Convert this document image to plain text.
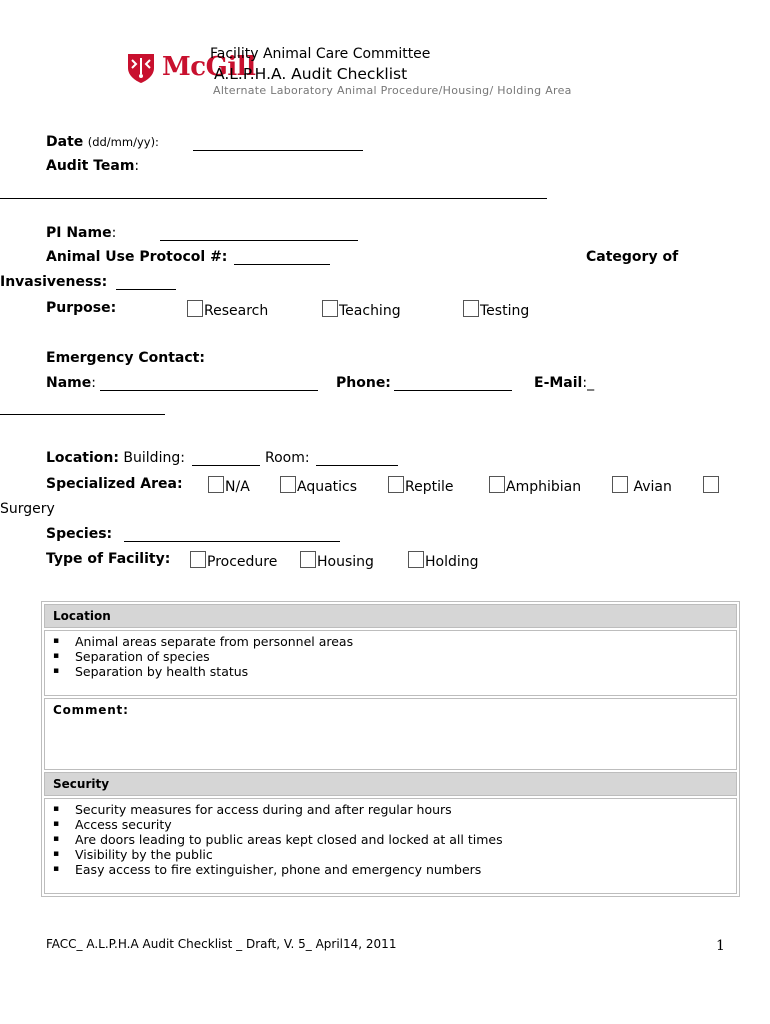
McGill
Facility Animal Care Committee
A.L.P.H.A. Audit Checklist
Alternate Laboratory Animal Procedure/Housing/ Holding Area
Date (dd/mm/yy):
Audit Team:
PI Name:
Animal Use Protocol #:	Category of
Invasiveness:
Purpose:	Research	Teaching	Testing
Emergency Contact:
Name:	Phone:	E-Mail:_
Location: Building:	Room:
Specialized Area:	N/A	Aquatics	Reptile	Amphibian	Avian
Surgery
Species:
Type of Facility:	Procedure	Housing	Holding
Location
▪ Animal areas separate from personnel areas
▪ Separation of species
▪ Separation by health status
Comment:
Security
▪ Security measures for access during and after regular hours
▪ Access security
▪ Are doors leading to public areas kept closed and locked at all times
▪ Visibility by the public
▪ Easy access to fire extinguisher, phone and emergency numbers
FACC_ A.L.P.H.A Audit Checklist _ Draft, V. 5_ April14, 2011	1
